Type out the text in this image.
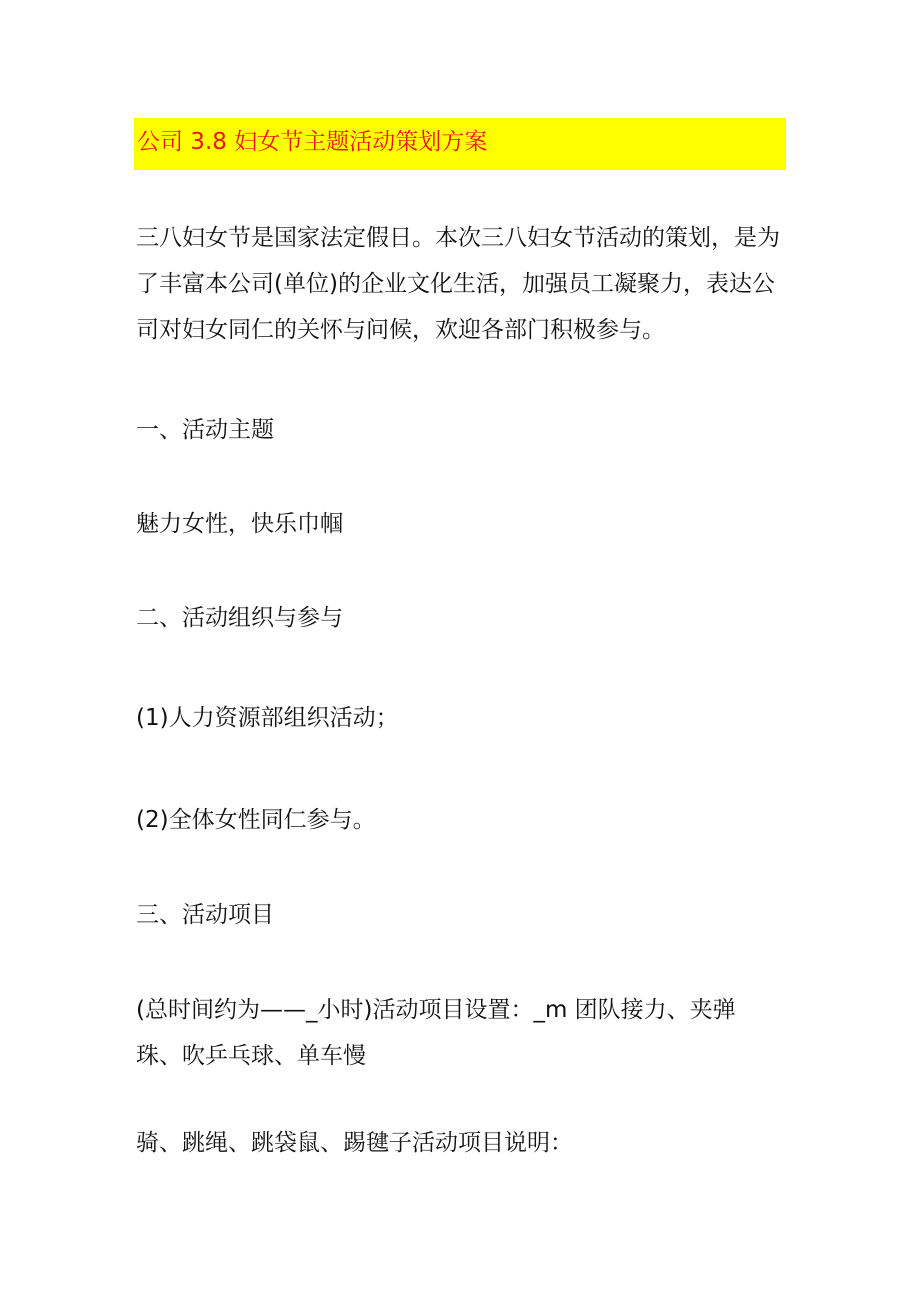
公司 3.8 妇女节主题活动策划方案
三八妇女节是国家法定假日。本次三八妇女节活动的策划，是为
了丰富本公司(单位)的企业文化生活，加强员工凝聚力，表达公
司对妇女同仁的关怀与问候，欢迎各部门积极参与。
一、活动主题
魅力女性，快乐巾帼
二、活动组织与参与
(1)人力资源部组织活动；
(2)全体女性同仁参与。
三、活动项目
(总时间约为——_小时)活动项目设置：_m 团队接力、夹弹
珠、吹乒乓球、单车慢
骑、跳绳、跳袋鼠、踢毽子活动项目说明：
